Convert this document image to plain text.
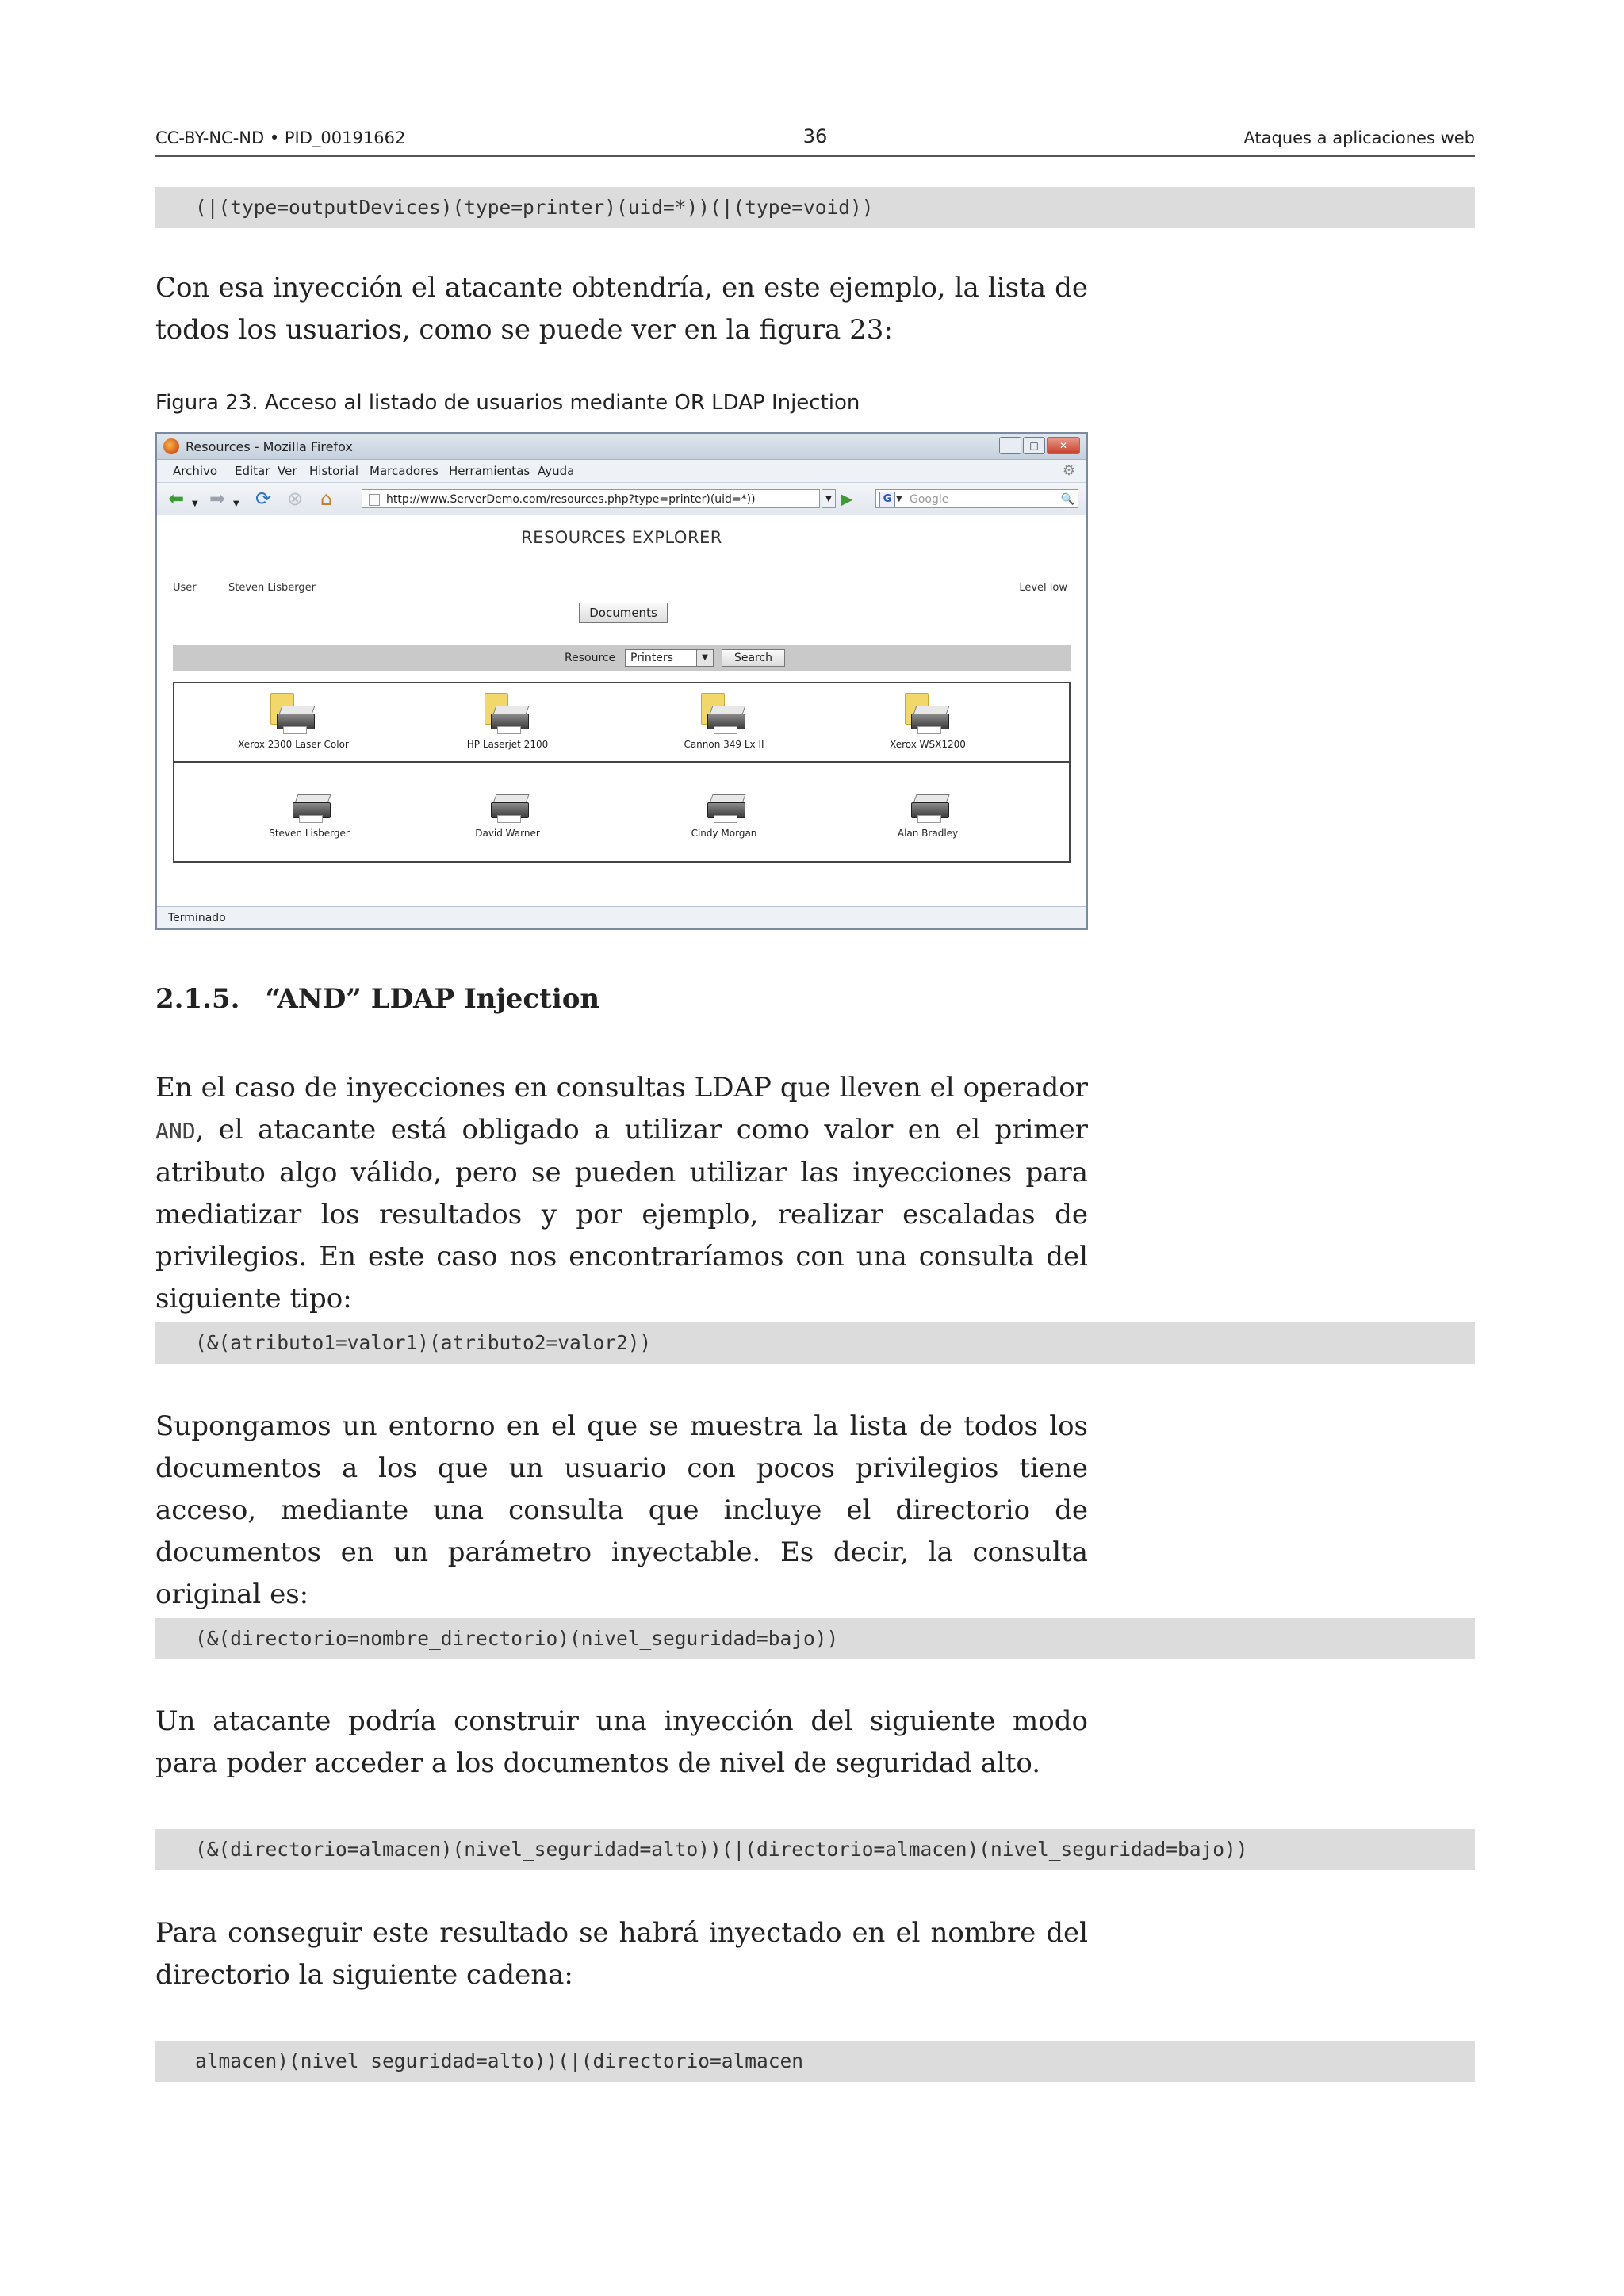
CC-BY-NC-ND • PID_00191662	36	Ataques a aplicaciones web
(|(type=outputDevices)(type=printer)(uid=*))(|(type=void))

Con esa inyección el atacante obtendría, en este ejemplo, la lista de todos los usuarios, como se puede ver en la figura 23:

Figura 23. Acceso al listado de usuarios mediante OR LDAP Injection
Resources - Mozilla Firefox	–	□	✕
Archivo Editar Ver Historial Marcadores Herramientas Ayuda	⚙
⬅ ▼ ➡ ▼ ⟳ ⊗ ⌂	http://www.ServerDemo.com/resources.php?type=printer)(uid=*))	▼ ▶	G ▼ Google	🔍
RESOURCES EXPLORER
User	Steven Lisberger	Level low
Documents
Resource	Printers	▼	Search
Xerox 2300 Laser Color	HP Laserjet 2100	Cannon 349 Lx II	Xerox WSX1200
Steven Lisberger	David Warner	Cindy Morgan	Alan Bradley
Terminado
2.1.5. “AND” LDAP Injection

En el caso de inyecciones en consultas LDAP que lleven el operador AND, el atacante está obligado a utilizar como valor en el primer atributo algo válido, pero se pueden utilizar las inyecciones para mediatizar los resultados y por ejemplo, realizar escaladas de privilegios. En este caso nos encontraríamos con una consulta del siguiente tipo:

(&(atributo1=valor1)(atributo2=valor2))

Supongamos un entorno en el que se muestra la lista de todos los documentos a los que un usuario con pocos privilegios tiene acceso, mediante una consulta que incluye el directorio de documentos en un parámetro inyectable. Es decir, la consulta original es:

(&(directorio=nombre_directorio)(nivel_seguridad=bajo))

Un atacante podría construir una inyección del siguiente modo para poder acceder a los documentos de nivel de seguridad alto.

(&(directorio=almacen)(nivel_seguridad=alto))(|(directorio=almacen)(nivel_seguridad=bajo))

Para conseguir este resultado se habrá inyectado en el nombre del directorio la siguiente cadena:

almacen)(nivel_seguridad=alto))(|(directorio=almacen
